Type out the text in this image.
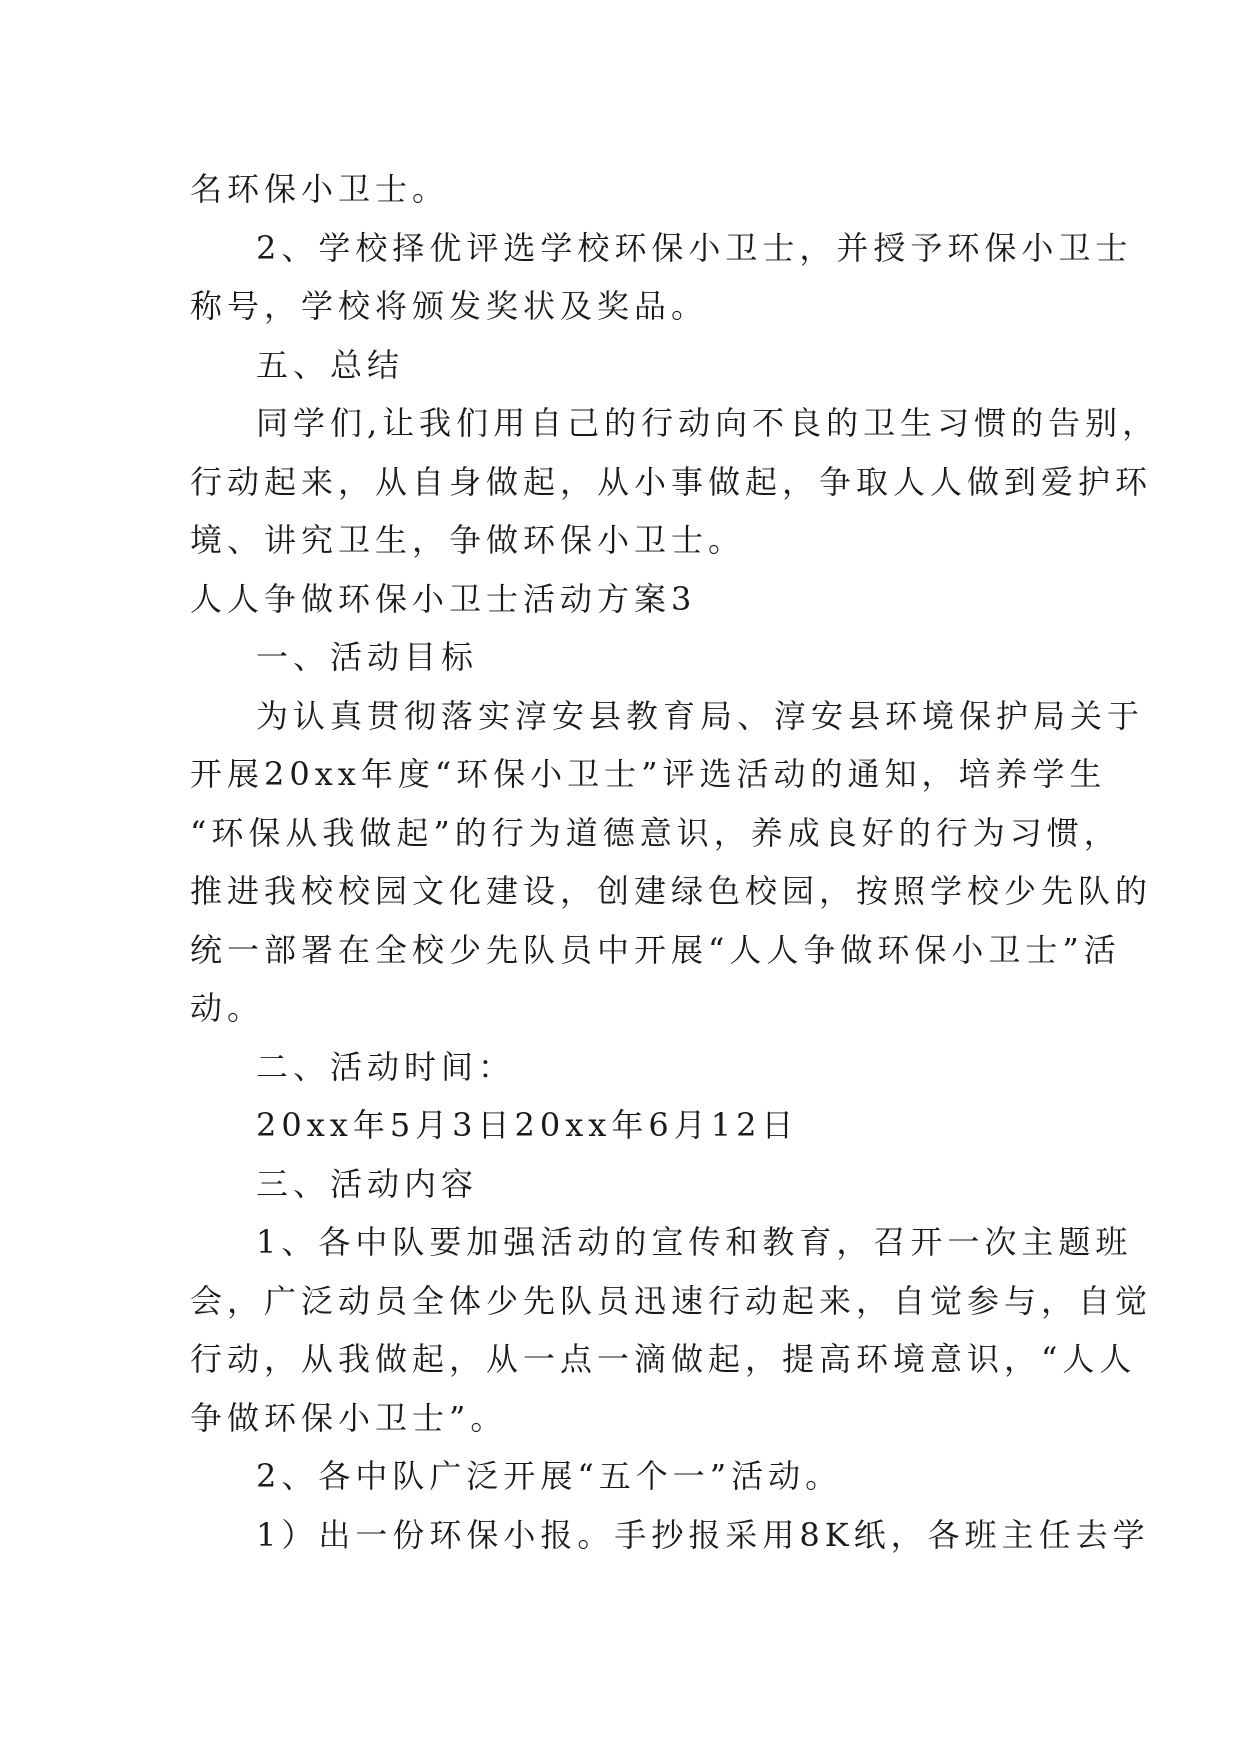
名环保小卫士。
2、学校择优评选学校环保小卫士，并授予环保小卫士
称号，学校将颁发奖状及奖品。
五、总结
同学们,让我们用自己的行动向不良的卫生习惯的告别，
行动起来，从自身做起，从小事做起，争取人人做到爱护环
境、讲究卫生，争做环保小卫士。
人人争做环保小卫士活动方案3
一、活动目标
为认真贯彻落实淳安县教育局、淳安县环境保护局关于
开展20xx年度“环保小卫士”评选活动的通知，培养学生
“环保从我做起”的行为道德意识，养成良好的行为习惯，
推进我校校园文化建设，创建绿色校园，按照学校少先队的
统一部署在全校少先队员中开展“人人争做环保小卫士”活
动。
二、活动时间：
20xx年5月3日20xx年6月12日
三、活动内容
1、各中队要加强活动的宣传和教育，召开一次主题班
会，广泛动员全体少先队员迅速行动起来，自觉参与，自觉
行动，从我做起，从一点一滴做起，提高环境意识，“人人
争做环保小卫士”。
2、各中队广泛开展“五个一”活动。
1）出一份环保小报。手抄报采用8K纸，各班主任去学
